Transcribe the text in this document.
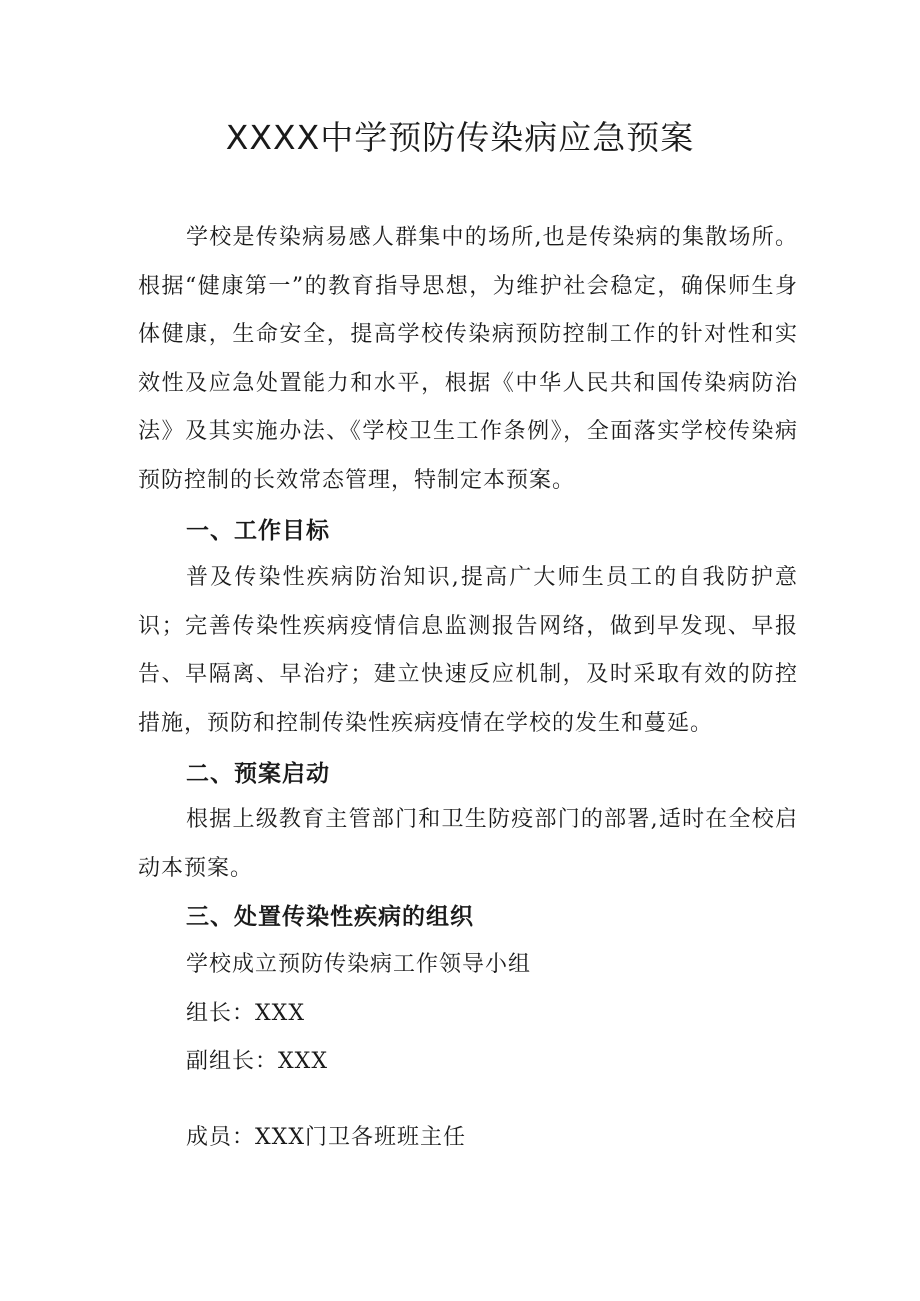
XXXX中学预防传染病应急预案
学校是传染病易感人群集中的场所,也是传染病的集散场所。根据“健康第一”的教育指导思想，为维护社会稳定，确保师生身体健康，生命安全，提高学校传染病预防控制工作的针对性和实效性及应急处置能力和水平，根据《中华人民共和国传染病防治法》及其实施办法、《学校卫生工作条例》，全面落实学校传染病预防控制的长效常态管理，特制定本预案。
一、工作目标
普及传染性疾病防治知识,提高广大师生员工的自我防护意识；完善传染性疾病疫情信息监测报告网络，做到早发现、早报告、早隔离、早治疗；建立快速反应机制，及时采取有效的防控措施，预防和控制传染性疾病疫情在学校的发生和蔓延。
二、预案启动
根据上级教育主管部门和卫生防疫部门的部署,适时在全校启动本预案。
三、处置传染性疾病的组织
学校成立预防传染病工作领导小组
组长：XXX
副组长：XXX
成员：XXX门卫各班班主任
